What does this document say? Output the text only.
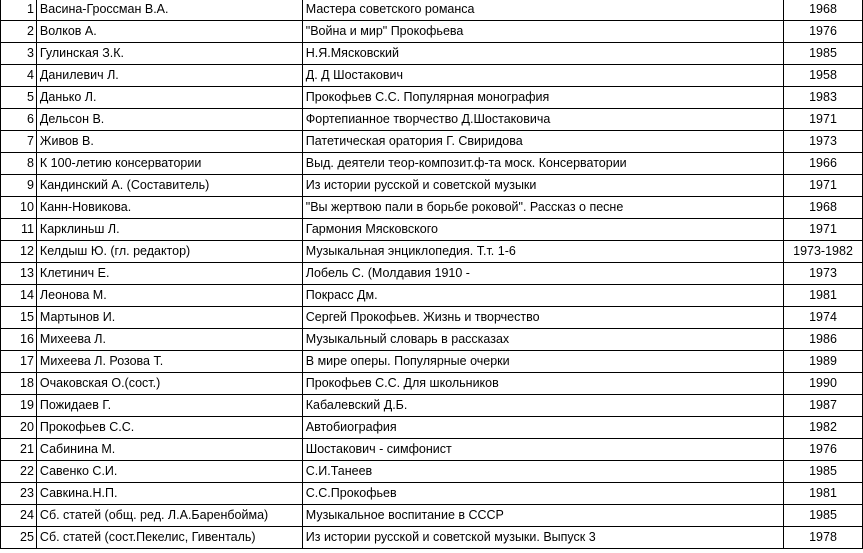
1	Васина-Гроссман В.А.	Мастера советского романса	1968
2	Волков А.	"Война и мир" Прокофьева	1976
3	Гулинская З.К.	Н.Я.Мясковский	1985
4	Данилевич Л.	Д. Д Шостакович	1958
5	Данько Л.	Прокофьев С.С. Популярная монография	1983
6	Дельсон В.	Фортепианное творчество Д.Шостаковича	1971
7	Живов В.	Патетическая оратория Г. Свиридова	1973
8	К 100-летию консерватории	Выд. деятели теор-композит.ф-та моск. Консерватории	1966
9	Кандинский А. (Составитель)	Из истории русской и советской музыки	1971
10	Канн-Новикова.	"Вы жертвою пали в борьбе роковой". Рассказ о песне	1968
11	Карклиньш Л.	Гармония Мясковского	1971
12	Келдыш Ю. (гл. редактор)	Музыкальная энциклопедия. Т.т. 1-6	1973-1982
13	Клетинич Е.	Лобель С. (Молдавия 1910 -	1973
14	Леонова М.	Покрасс Дм.	1981
15	Мартынов И.	Сергей Прокофьев. Жизнь и творчество	1974
16	Михеева Л.	Музыкальный словарь в рассказах	1986
17	Михеева Л. Розова Т.	В мире оперы. Популярные очерки	1989
18	Очаковская О.(сост.)	Прокофьев С.С. Для школьников	1990
19	Пожидаев Г.	Кабалевский Д.Б.	1987
20	Прокофьев С.С.	Автобиография	1982
21	Сабинина М.	Шостакович - симфонист	1976
22	Савенко С.И.	С.И.Танеев	1985
23	Савкина.Н.П.	С.С.Прокофьев	1981
24	Сб. статей (общ. ред. Л.А.Баренбойма)	Музыкальное воспитание в СССР	1985
25	Сб. статей (сост.Пекелис, Гивенталь)	Из истории русской и советской музыки. Выпуск 3	1978
